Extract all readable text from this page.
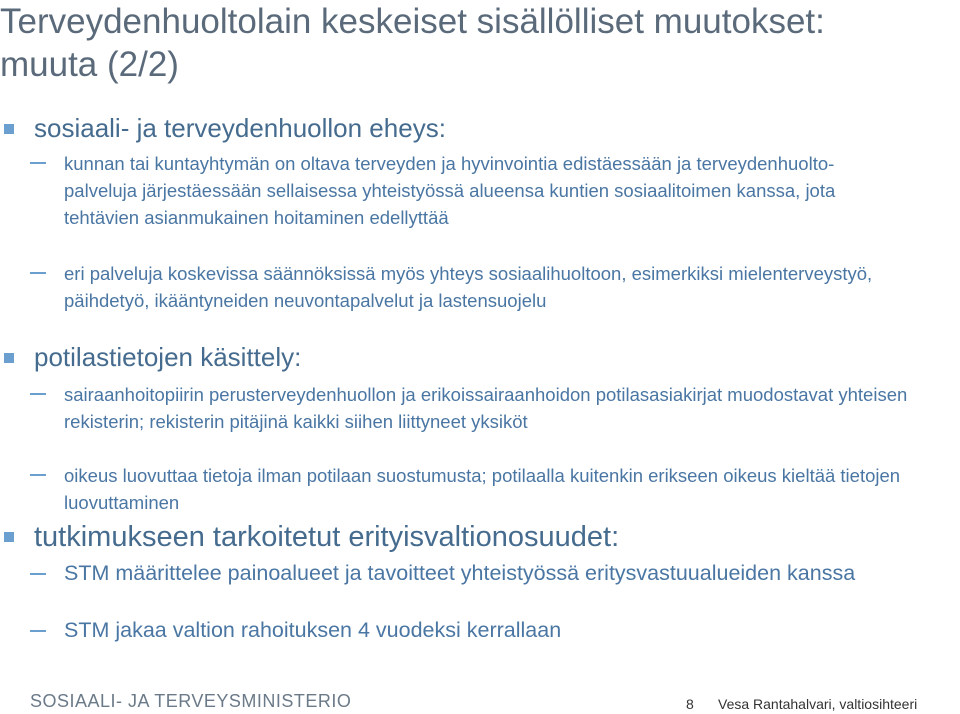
Terveydenhuoltolain keskeiset sisällölliset muutokset: muuta (2/2)
sosiaali- ja terveydenhuollon eheys:
kunnan tai kuntayhtymän on oltava terveyden ja hyvinvointia edistäessään ja terveydenhuolto- palveluja järjestäessään sellaisessa yhteistyössä alueensa kuntien sosiaalitoimen kanssa, jota tehtävien asianmukainen hoitaminen edellyttää
eri palveluja koskevissa säännöksissä myös yhteys sosiaalihuoltoon, esimerkiksi mielenterveystyö, päihdetyö, ikääntyneiden neuvontapalvelut ja lastensuojelu
potilastietojen käsittely:
sairaanhoitopiirin perusterveydenhuollon ja erikoissairaanhoidon potilasasiakirjat muodostavat yhteisen rekisterin; rekisterin pitäjinä kaikki siihen liittyneet yksiköt
oikeus luovuttaa tietoja ilman potilaan suostumusta; potilaalla kuitenkin erikseen oikeus kieltää tietojen luovuttaminen
tutkimukseen tarkoitetut erityisvaltionosuudet:
STM määrittelee painoalueet ja tavoitteet yhteistyössä eritysvastuualueiden kanssa
STM jakaa valtion rahoituksen 4 vuodeksi kerrallaan
SOSIAALI- JA TERVEYSMINISTERIO	8 Vesa Rantahalvari, valtiosihteeri
